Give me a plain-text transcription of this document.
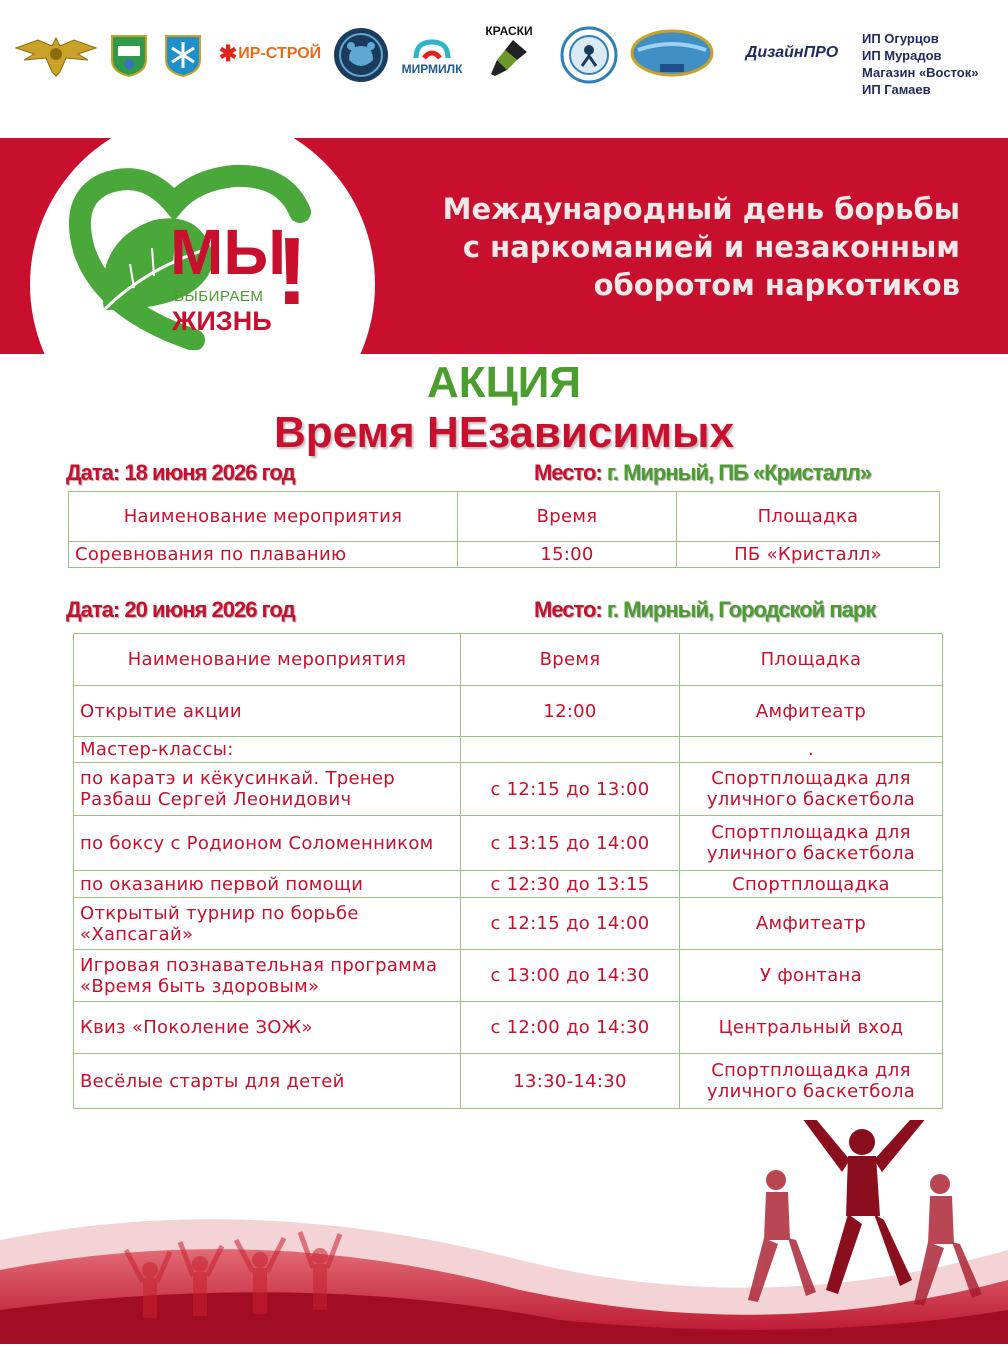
✱ ИР-СТРОЙ
МИРМИЛК
КРАСКИ
ДизайнПРО
ИП Огурцов
ИП Мурадов
Магазин «Восток»
ИП Гамаев
МЫ
!
ВЫБИРАЕМ
ЖИЗНЬ
Международный день борьбы
с наркоманией и незаконным
оборотом наркотиков
АКЦИЯ
Время НЕзависимых
Дата: 18 июня 2026 год	Место: г. Мирный, ПБ «Кристалл»
Наименование мероприятия	Время	Площадка
Соревнования по плаванию	15:00	ПБ «Кристалл»
Дата: 20 июня 2026 год	Место: г. Мирный, Городской парк
Наименование мероприятия	Время	Площадка
Открытие акции	12:00	Амфитеатр
Мастер-классы:		.
по каратэ и кёкусинкай. Тренер Разбаш Сергей Леонидович	с 12:15 до 13:00	Спортплощадка для уличного баскетбола
по боксу с Родионом Соломенником	с 13:15 до 14:00	Спортплощадка для уличного баскетбола
по оказанию первой помощи	с 12:30 до 13:15	Спортплощадка
Открытый турнир по борьбе «Хапсагай»	с 12:15 до 14:00	Амфитеатр
Игровая познавательная программа «Время быть здоровым»	с 13:00 до 14:30	У фонтана
Квиз «Поколение ЗОЖ»	с 12:00 до 14:30	Центральный вход
Весёлые старты для детей	13:30-14:30	Спортплощадка для уличного баскетбола
